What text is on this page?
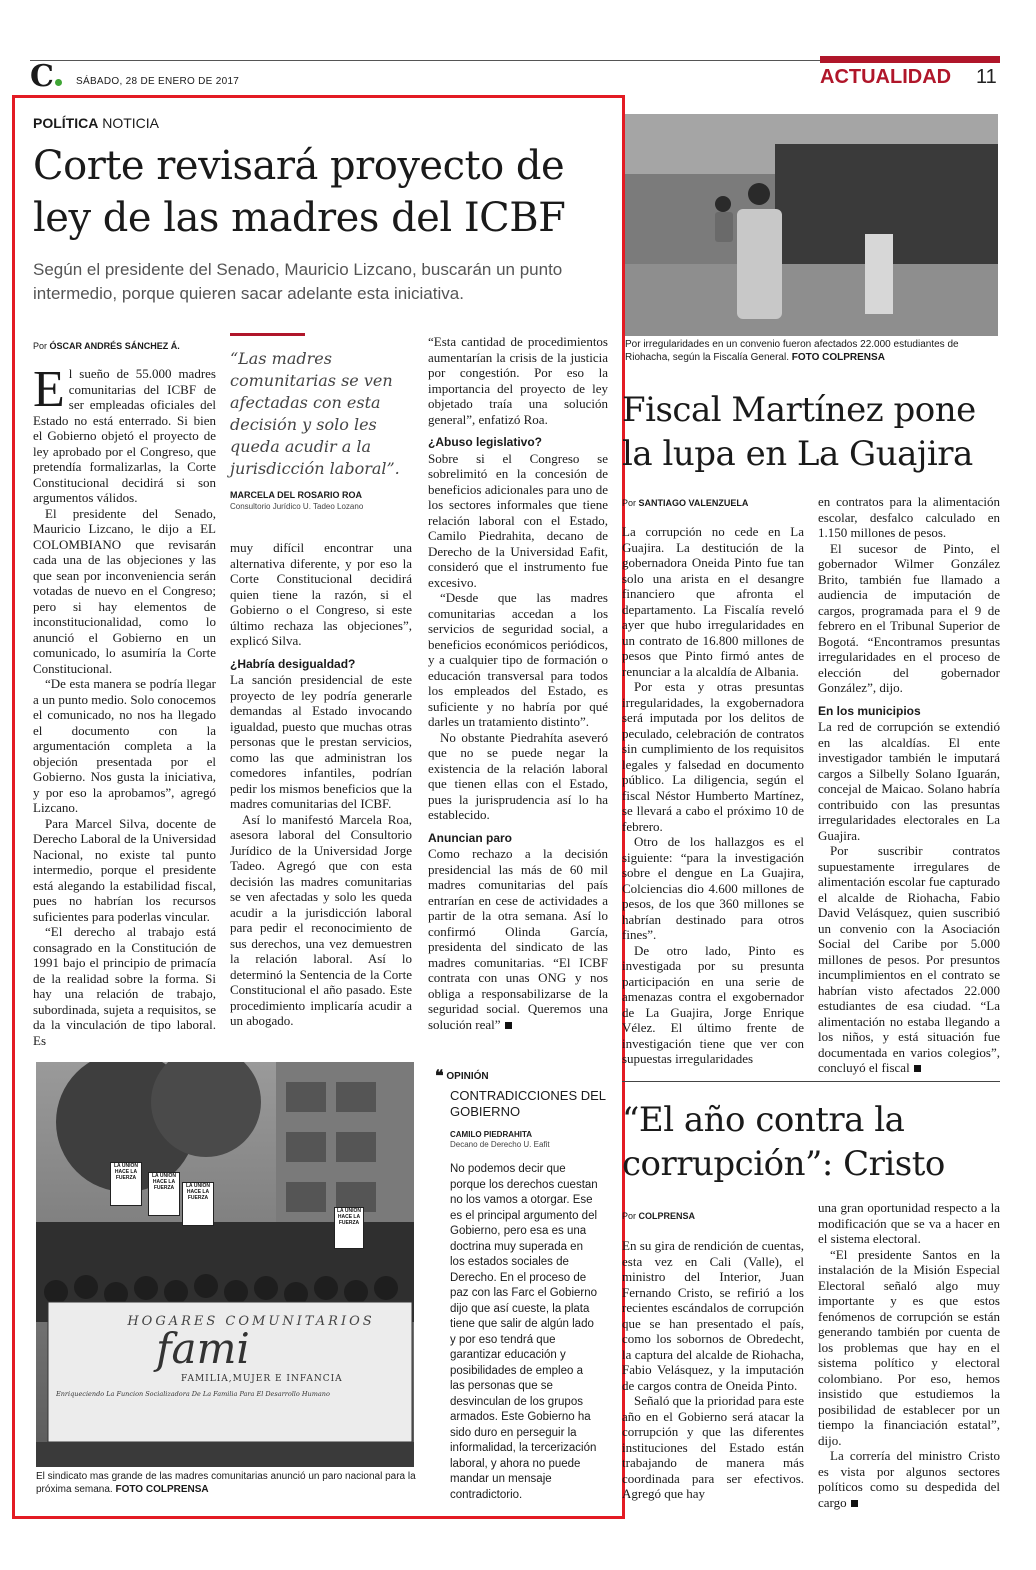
C	SÁBADO, 28 DE ENERO DE 2017	ACTUALIDAD 11
POLÍTICA NOTICIA
Corte revisará proyecto de ley de las madres del ICBF
Según el presidente del Senado, Mauricio Lizcano, buscarán un punto intermedio, porque quieren sacar adelante esta iniciativa.
Por ÓSCAR ANDRÉS SÁNCHEZ Á.

El sueño de 55.000 madres comunitarias del ICBF de ser empleadas oficiales del Estado no está enterrado. Si bien el Gobierno objetó el proyecto de ley aprobado por el Congreso, que pretendía formalizarlas, la Corte Constitucional decidirá si son argumentos válidos.

El presidente del Senado, Mauricio Lizcano, le dijo a EL COLOMBIANO que revisarán cada una de las objeciones y las que sean por inconveniencia serán votadas de nuevo en el Congreso; pero si hay elementos de inconstitucionalidad, como lo anunció el Gobierno en un comunicado, lo asumiría la Corte Constitucional.

“De esta manera se podría llegar a un punto medio. Solo conocemos el comunicado, no nos ha llegado el documento con la argumentación completa a la objeción presentada por el Gobierno. Nos gusta la iniciativa, y por eso la aprobamos”, agregó Lizcano.

Para Marcel Silva, docente de Derecho Laboral de la Universidad Nacional, no existe tal punto intermedio, porque el presidente está alegando la estabilidad fiscal, pues no habrían los recursos suficientes para poderlas vincular.

“El derecho al trabajo está consagrado en la Constitución de 1991 bajo el principio de primacía de la realidad sobre la forma. Si hay una relación de trabajo, subordinada, sujeta a requisitos, se da la vinculación de tipo laboral. Es

“Las madres comunitarias se ven afectadas con esta decisión y solo les queda acudir a la jurisdicción laboral”.
MARCELA DEL ROSARIO ROA
Consultorio Jurídico U. Tadeo Lozano

muy difícil encontrar una alternativa diferente, y por eso la Corte Constitucional decidirá quien tiene la razón, si el Gobierno o el Congreso, si este último rechaza las objeciones”, explicó Silva.

¿Habría desigualdad?

La sanción presidencial de este proyecto de ley podría generarle demandas al Estado invocando igualdad, puesto que muchas otras personas que le prestan servicios, como las que administran los comedores infantiles, podrían pedir los mismos beneficios que la madres comunitarias del ICBF.

Así lo manifestó Marcela Roa, asesora laboral del Consultorio Jurídico de la Universidad Jorge Tadeo. Agregó que con esta decisión las madres comunitarias se ven afectadas y solo les queda acudir a la jurisdicción laboral para pedir el reconocimiento de sus derechos, una vez demuestren la relación laboral. Así lo determinó la Sentencia de la Corte Constitucional el año pasado. Este procedimiento implicaría acudir a un abogado.

“Esta cantidad de procedimientos aumentarían la crisis de la justicia por congestión. Por eso la importancia del proyecto de ley objetado traía una solución general”, enfatizó Roa.

¿Abuso legislativo?

Sobre si el Congreso se sobrelimitó en la concesión de beneficios adicionales para uno de los sectores informales que tiene relación laboral con el Estado, Camilo Piedrahita, decano de Derecho de la Universidad Eafit, consideró que el instrumento fue excesivo.

“Desde que las madres comunitarias accedan a los servicios de seguridad social, a beneficios económicos periódicos, y a cualquier tipo de formación o educación transversal para todos los empleados del Estado, es suficiente y no habría por qué darles un tratamiento distinto”.

No obstante Piedrahíta aseveró que no se puede negar la existencia de la relación laboral que tienen ellas con el Estado, pues la jurisprudencia así lo ha establecido.

Anuncian paro

Como rechazo a la decisión presidencial las más de 60 mil madres comunitarias del país entrarían en cese de actividades a partir de la otra semana. Así lo confirmó Olinda García, presidenta del sindicato de las madres comunitarias. “El ICBF contrata con unas ONG y nos obliga a responsabilizarse de la seguridad social. Queremos una solución real”

LA UNION HACE LA FUERZA	LA UNION HACE LA FUERZA	LA UNION HACE LA FUERZA
LA UNION HACE LA FUERZA
HOGARES COMUNITARIOS
fami
FAMILIA,MUJER E INFANCIA
Enriqueciendo La Funcion Socializadora De La Familia Para El Desarrollo Humano
El sindicato mas grande de las madres comunitarias anunció un paro nacional para la próxima semana. FOTO COLPRENSA
❝ OPINIÓN
CONTRADICCIONES DEL GOBIERNO
CAMILO PIEDRAHITA
Decano de Derecho U. Eafit
No podemos decir que porque los derechos cuestan no los vamos a otorgar. Ese es el principal argumento del Gobierno, pero esa es una doctrina muy superada en los estados sociales de Derecho. En el proceso de paz con las Farc el Gobierno dijo que así cueste, la plata tiene que salir de algún lado y por eso tendrá que garantizar educación y posibilidades de empleo a las personas que se desvinculan de los grupos armados. Este Gobierno ha sido duro en perseguir la informalidad, la tercerización laboral, y ahora no puede mandar un mensaje contradictorio.
Por irregularidades en un convenio fueron afectados 22.000 estudiantes de Riohacha, según la Fiscalía General. FOTO COLPRENSA
Fiscal Martínez pone la lupa en La Guajira
Por SANTIAGO VALENZUELA

La corrupción no cede en La Guajira. La destitución de la gobernadora Oneida Pinto fue tan solo una arista en el desangre financiero que afronta el departamento. La Fiscalía reveló ayer que hubo irregularidades en un contrato de 16.800 millones de pesos que Pinto firmó antes de renunciar a la alcaldía de Albania.

Por esta y otras presuntas irregularidades, la exgobernadora será imputada por los delitos de peculado, celebración de contratos sin cumplimiento de los requisitos legales y falsedad en documento público. La diligencia, según el fiscal Néstor Humberto Martínez, se llevará a cabo el próximo 10 de febrero.

Otro de los hallazgos es el siguiente: “para la investigación sobre el dengue en La Guajira, Colciencias dio 4.600 millones de pesos, de los que 360 millones se habrían destinado para otros fines”.

De otro lado, Pinto es investigada por su presunta participación en una serie de amenazas contra el exgobernador de La Guajira, Jorge Enrique Vélez. El último frente de investigación tiene que ver con supuestas irregularidades

en contratos para la alimentación escolar, desfalco calculado en 1.150 millones de pesos.

El sucesor de Pinto, el gobernador Wilmer González Brito, también fue llamado a audiencia de imputación de cargos, programada para el 9 de febrero en el Tribunal Superior de Bogotá. “Encontramos presuntas irregularidades en el proceso de elección del gobernador González”, dijo.

En los municipios

La red de corrupción se extendió en las alcaldías. El ente investigador también le imputará cargos a Silbelly Solano Iguarán, concejal de Maicao. Solano habría contribuido con las presuntas irregularidades electorales en La Guajira.

Por suscribir contratos supuestamente irregulares de alimentación escolar fue capturado el alcalde de Riohacha, Fabio David Velásquez, quien suscribió un convenio con la Asociación Social del Caribe por 5.000 millones de pesos. Por presuntos incumplimientos en el contrato se habrían visto afectados 22.000 estudiantes de esa ciudad. “La alimentación no estaba llegando a los niños, y está situación fue documentada en varios colegios”, concluyó el fiscal

“El año contra la corrupción”: Cristo
Por COLPRENSA

En su gira de rendición de cuentas, esta vez en Cali (Valle), el ministro del Interior, Juan Fernando Cristo, se refirió a los recientes escándalos de corrupción que se han presentado el país, como los sobornos de Obredecht, la captura del alcalde de Riohacha, Fabio Velásquez, y la imputación de cargos contra de Oneida Pinto.

Señaló que la prioridad para este año en el Gobierno será atacar la corrupción y que las diferentes instituciones del Estado están trabajando de manera más coordinada para ser efectivos. Agregó que hay

una gran oportunidad respecto a la modificación que se va a hacer en el sistema electoral.

“El presidente Santos en la instalación de la Misión Especial Electoral señaló algo muy importante y es que estos fenómenos de corrupción se están generando también por cuenta de los problemas que hay en el sistema político y electoral colombiano. Por eso, hemos insistido que estudiemos la posibilidad de establecer por un tiempo la financiación estatal”, dijo.

La correría del ministro Cristo es vista por algunos sectores políticos como su despedida del cargo
